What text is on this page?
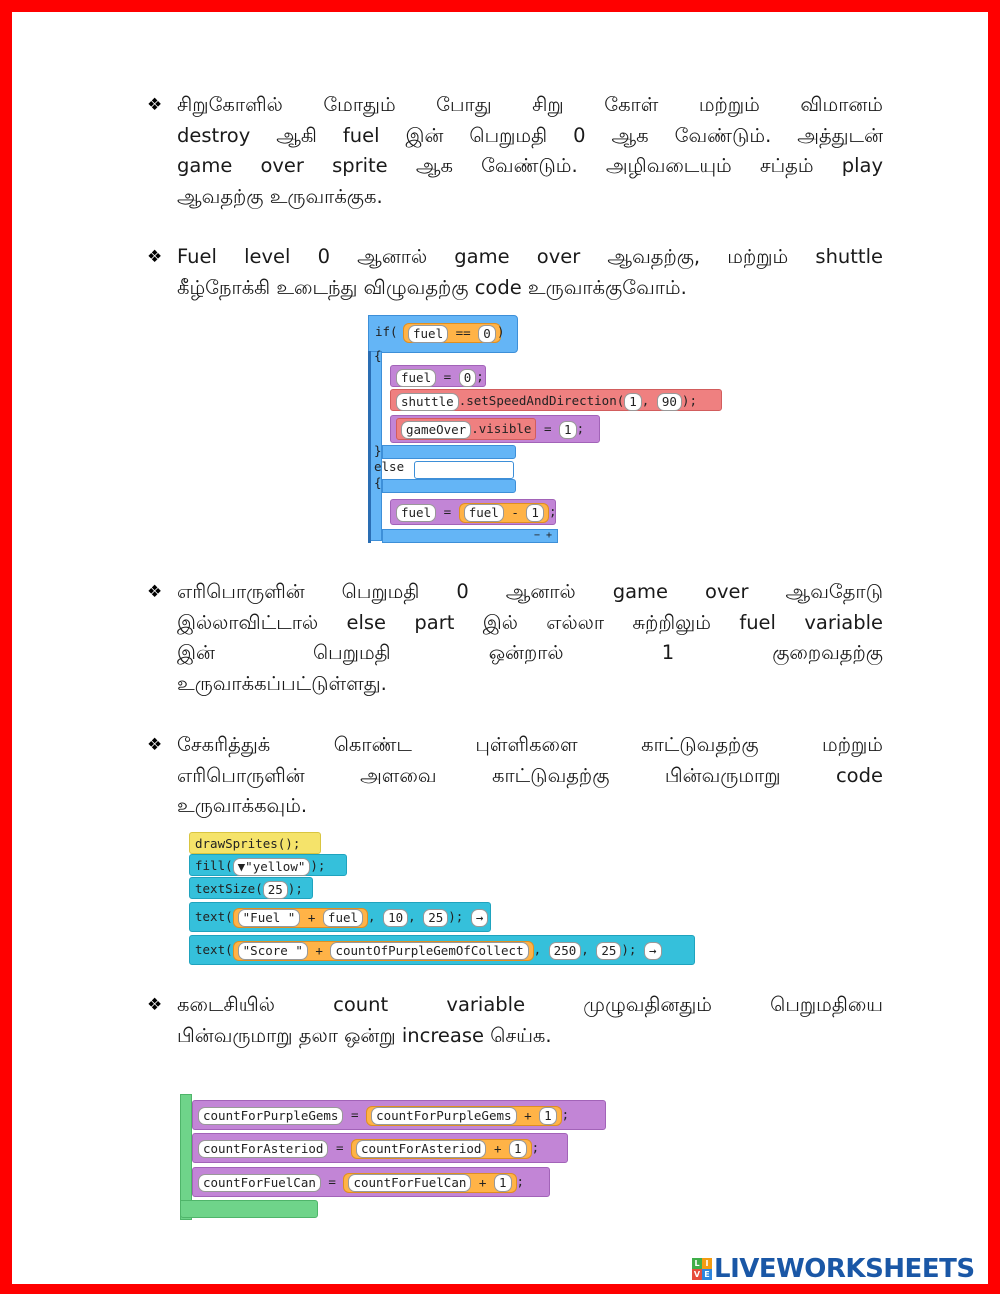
❖ சிறுகோளில் மோதும் போது சிறு கோள் மற்றும் விமானம்
destroy ஆகி fuel இன் பெறுமதி 0 ஆக வேண்டும். அத்துடன்
game over sprite ஆக வேண்டும். அழிவடையும் சப்தம் play
ஆவதற்கு உருவாக்குக.
❖ Fuel level 0 ஆனால் game over ஆவதற்கு, மற்றும் shuttle
கீழ்நோக்கி உடைந்து விழுவதற்கு code உருவாக்குவோம்.
if(	fuel == 0 )
{
fuel = 0 ;
shuttle .setSpeedAndDirection( 1 , 90 );
gameOver .visible = 1 ;
}
else
{
fuel = fuel - 1 ;
− +
❖ எரிபொருளின் பெறுமதி 0 ஆனால் game over ஆவதோடு
இல்லாவிட்டால் else part இல் எல்லா சுற்றிலும் fuel variable
இன் பெறுமதி ஒன்றால் 1 குறைவதற்கு
உருவாக்கப்பட்டுள்ளது.
❖ சேகரித்துக் கொண்ட புள்ளிகளை காட்டுவதற்கு மற்றும்
எரிபொருளின் அளவை காட்டுவதற்கு பின்வருமாறு code
உருவாக்கவும்.
drawSprites();
fill( ▼"yellow" );
textSize( 25 );
text( "Fuel " + fuel , 10 , 25 ); →
text( "Score " + countOfPurpleGemOfCollect , 250 , 25 ); →
❖ கடைசியில் count variable முழுவதினதும் பெறுமதியை
பின்வருமாறு தலா ஒன்று increase செய்க.
countForPurpleGems = countForPurpleGems + 1 ;
countForAsteriod = countForAsteriod + 1 ;
countForFuelCan = countForFuelCan + 1 ;
L I
V E LIVEWORKSHEETS
